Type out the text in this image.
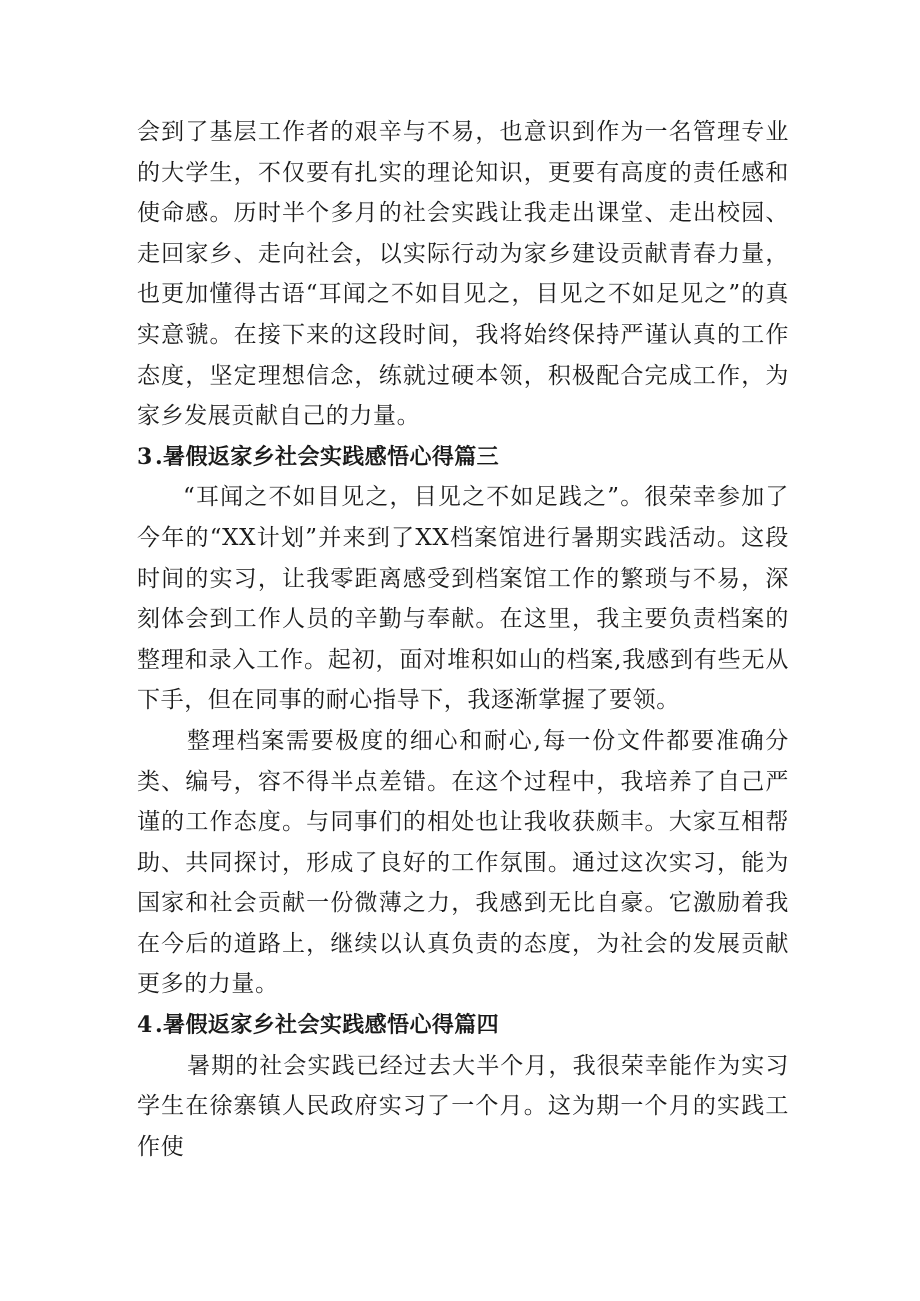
会到了基层工作者的艰辛与不易，也意识到作为一名管理专业的大学生，不仅要有扎实的理论知识，更要有高度的责任感和使命感。历时半个多月的社会实践让我走出课堂、走出校园、走回家乡、走向社会，以实际行动为家乡建设贡献青春力量，也更加懂得古语“耳闻之不如目见之，目见之不如足见之”的真实意虢。在接下来的这段时间，我将始终保持严谨认真的工作态度，坚定理想信念，练就过硬本领，积极配合完成工作，为家乡发展贡献自己的力量。

3 .暑假返家乡社会实践感悟心得篇三

“耳闻之不如目见之，目见之不如足践之”。很荣幸参加了今年的“XX计划”并来到了XX档案馆进行暑期实践活动。这段时间的实习，让我零距离感受到档案馆工作的繁琐与不易，深刻体会到工作人员的辛勤与奉献。在这里，我主要负责档案的整理和录入工作。起初，面对堆积如山的档案,我感到有些无从下手，但在同事的耐心指导下，我逐渐掌握了要领。

整理档案需要极度的细心和耐心,每一份文件都要准确分类、编号，容不得半点差错。在这个过程中，我培养了自己严谨的工作态度。与同事们的相处也让我收获颇丰。大家互相帮助、共同探讨，形成了良好的工作氛围。通过这次实习，能为国家和社会贡献一份微薄之力，我感到无比自豪。它激励着我在今后的道路上，继续以认真负责的态度，为社会的发展贡献更多的力量。

4 .暑假返家乡社会实践感悟心得篇四

暑期的社会实践已经过去大半个月，我很荣幸能作为实习学生在徐寨镇人民政府实习了一个月。这为期一个月的实践工作使
